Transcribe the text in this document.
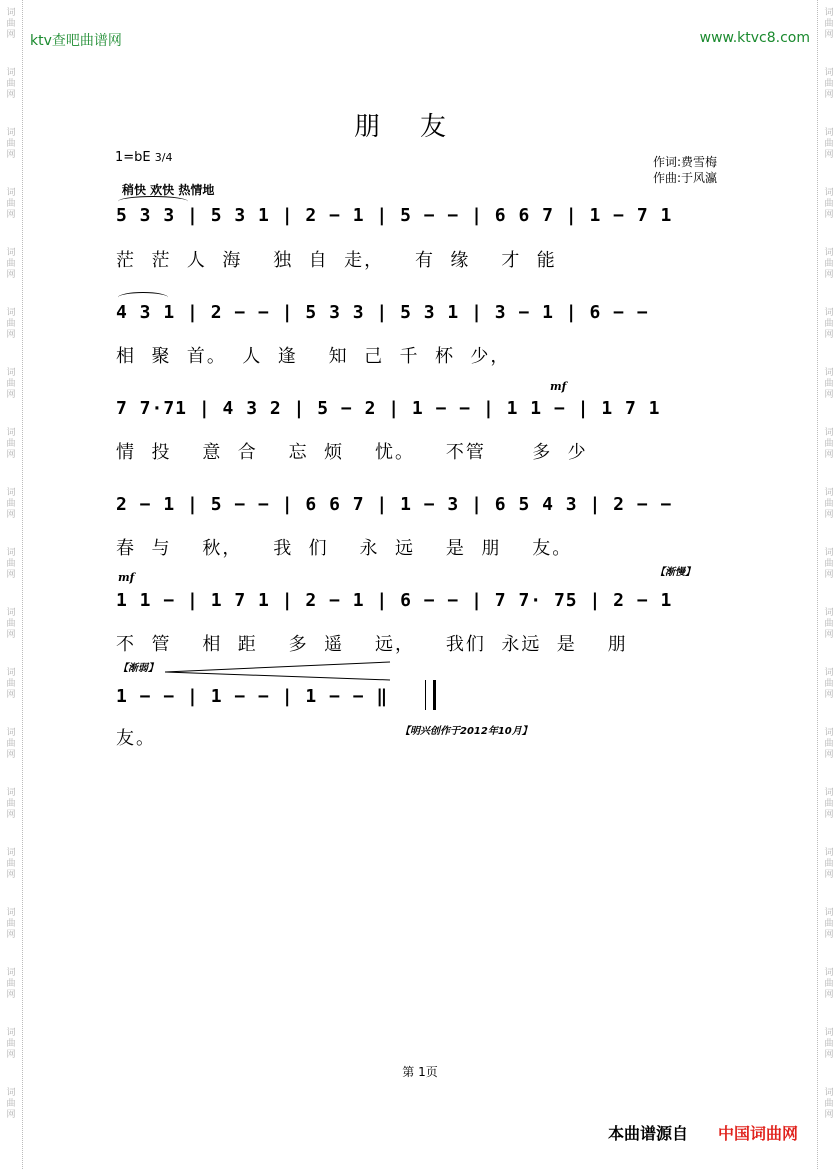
词
曲
网
词
曲
网
词
曲
网
词
曲
网
词
曲
网
词
曲
网
词
曲
网
词
曲
网
词
曲
网
词
曲
网
词
曲
网
词
曲
网
词
曲
网
词
曲
网
词
曲
网
词
曲
网
词
曲
网
词
曲
网
词
曲
网
词
曲
网
词
曲
网
词
曲
网
词
曲
网
词
曲
网
词
曲
网
词
曲
网
词
曲
网
词
曲
网
词
曲
网
词
曲
网
词
曲
网
词
曲
网
词
曲
网
词
曲
网
词
曲
网
词
曲
网
词
曲
网
词
曲
网
ktv查吧曲谱网	www.ktvc8.com
朋友
1=bE 3/4	作词:费雪梅
作曲:于风瀛
稍快 欢快 热情地
5 3 3 | 5 3 1 | 2 − 1 | 5 − − | 6 6 7 | 1 − 7 1
茫  茫  人  海    独  自  走，    有  缘    才  能
4 3 1 | 2 − − | 5 3 3 | 5 3 1 | 3 − 1 | 6 − −
相  聚  首。  人  逢    知  己  千  杯  少，
mf
7 7·71 | 4 3 2 | 5 − 2 | 1 − − | 1 1 − | 1 7 1
情  投    意  合    忘  烦    忧。    不管      多  少
2 − 1 | 5 − − | 6 6 7 | 1 − 3 | 6 5 4 3 | 2 − −
春  与    秋，    我  们    永  远    是  朋    友。
mf	【渐慢】
1 1 − | 1 7 1 | 2 − 1 | 6 − − | 7 7· 75 | 2 − 1
不  管    相  距    多  遥    远，    我们  永远  是    朋
【渐弱】
1 − − | 1 − − | 1 − − ‖
【明兴创作于2012年10月】
友。
第 1页
本曲谱源自 中国词曲网
